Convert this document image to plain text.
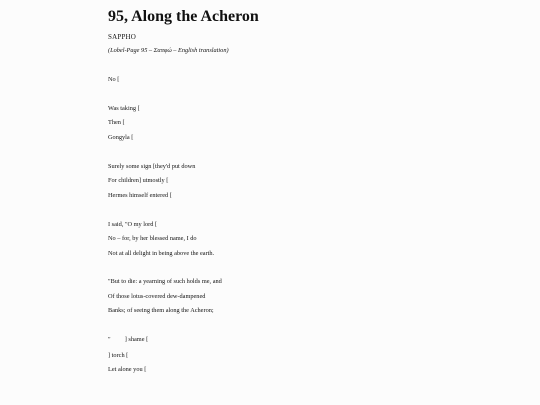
95, Along the Acheron
SAPPHO
(Lobel-Page 95 – Σαπφώ – English translation)
No [
Was taking [
Then [
Gongyla [
Surely some sign [they'd put down
For children] utmostly [
Hermes himself entered [
I said, "O my lord [
No – for, by her blessed name, I do
Not at all delight in being above the earth.
"But to die: a yearning of such holds me, and
Of those lotus-covered dew-dampened
Banks; of seeing them along the Acheron;
"         ] shame [
] torch [
Let alone you [
